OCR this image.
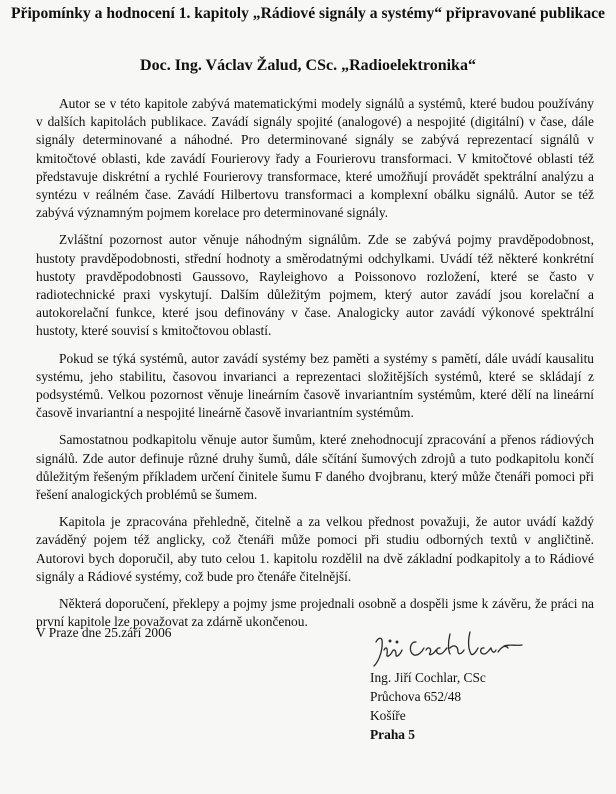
Připomínky a hodnocení 1. kapitoly „Rádiové signály a systémy“ připravované publikace
Doc. Ing. Václav Žalud, CSc. „Radioelektronika“

Autor se v této kapitole zabývá matematickými modely signálů a systémů, které budou používány v dalších kapitolách publikace. Zavádí signály spojité (analogové) a nespojité (digitální) v čase, dále signály determinované a náhodné. Pro determinované signály se zabývá reprezentací signálů v kmitočtové oblasti, kde zavádí Fourierovy řady a Fourierovu transformaci. V kmitočtové oblasti též představuje diskrétní a rychlé Fourierovy transformace, které umožňují provádět spektrální analýzu a syntézu v reálném čase. Zavádí Hilbertovu transformaci a komplexní obálku signálů. Autor se též zabývá významným pojmem korelace pro determinované signály.

Zvláštní pozornost autor věnuje náhodným signálům. Zde se zabývá pojmy pravděpodobnost, hustoty pravděpodobnosti, střední hodnoty a směrodatnými odchylkami. Uvádí též některé konkrétní hustoty pravděpodobnosti Gaussovo, Rayleighovo a Poissonovo rozložení, které se často v radiotechnické praxi vyskytují. Dalším důležitým pojmem, který autor zavádí jsou korelační a autokorelační funkce, které jsou definovány v čase. Analogicky autor zavádí výkonové spektrální hustoty, které souvisí s kmitočtovou oblastí.

Pokud se týká systémů, autor zavádí systémy bez paměti a systémy s pamětí, dále uvádí kausalitu systému, jeho stabilitu, časovou invarianci a reprezentaci složitějších systémů, které se skládají z podsystémů. Velkou pozornost věnuje lineárním časově invariantním systémům, které dělí na lineární časově invariantní a nespojité lineárně časově invariantním systémům.

Samostatnou podkapitolu věnuje autor šumům, které znehodnocují zpracování a přenos rádiových signálů. Zde autor definuje různé druhy šumů, dále sčítání šumových zdrojů a tuto podkapitolu končí důležitým řešeným příkladem určení činitele šumu F daného dvojbranu, který může čtenáři pomoci při řešení analogických problémů se šumem.

Kapitola je zpracována přehledně, čitelně a za velkou přednost považuji, že autor uvádí každý zaváděný pojem též anglicky, což čtenáři může pomoci při studiu odborných textů v angličtině. Autorovi bych doporučil, aby tuto celou 1. kapitolu rozdělil na dvě základní podkapitoly a to Rádiové signály a Rádiové systémy, což bude pro čtenáře čitelnější.

Některá doporučení, překlepy a pojmy jsme projednali osobně a dospěli jsme k závěru, že práci na první kapitole lze považovat za zdárně ukončenou.

V Praze dne 25.září 2006

Ing. Jiří Cochlar, CSc
Průchova 652/48
Košíře
Praha 5
